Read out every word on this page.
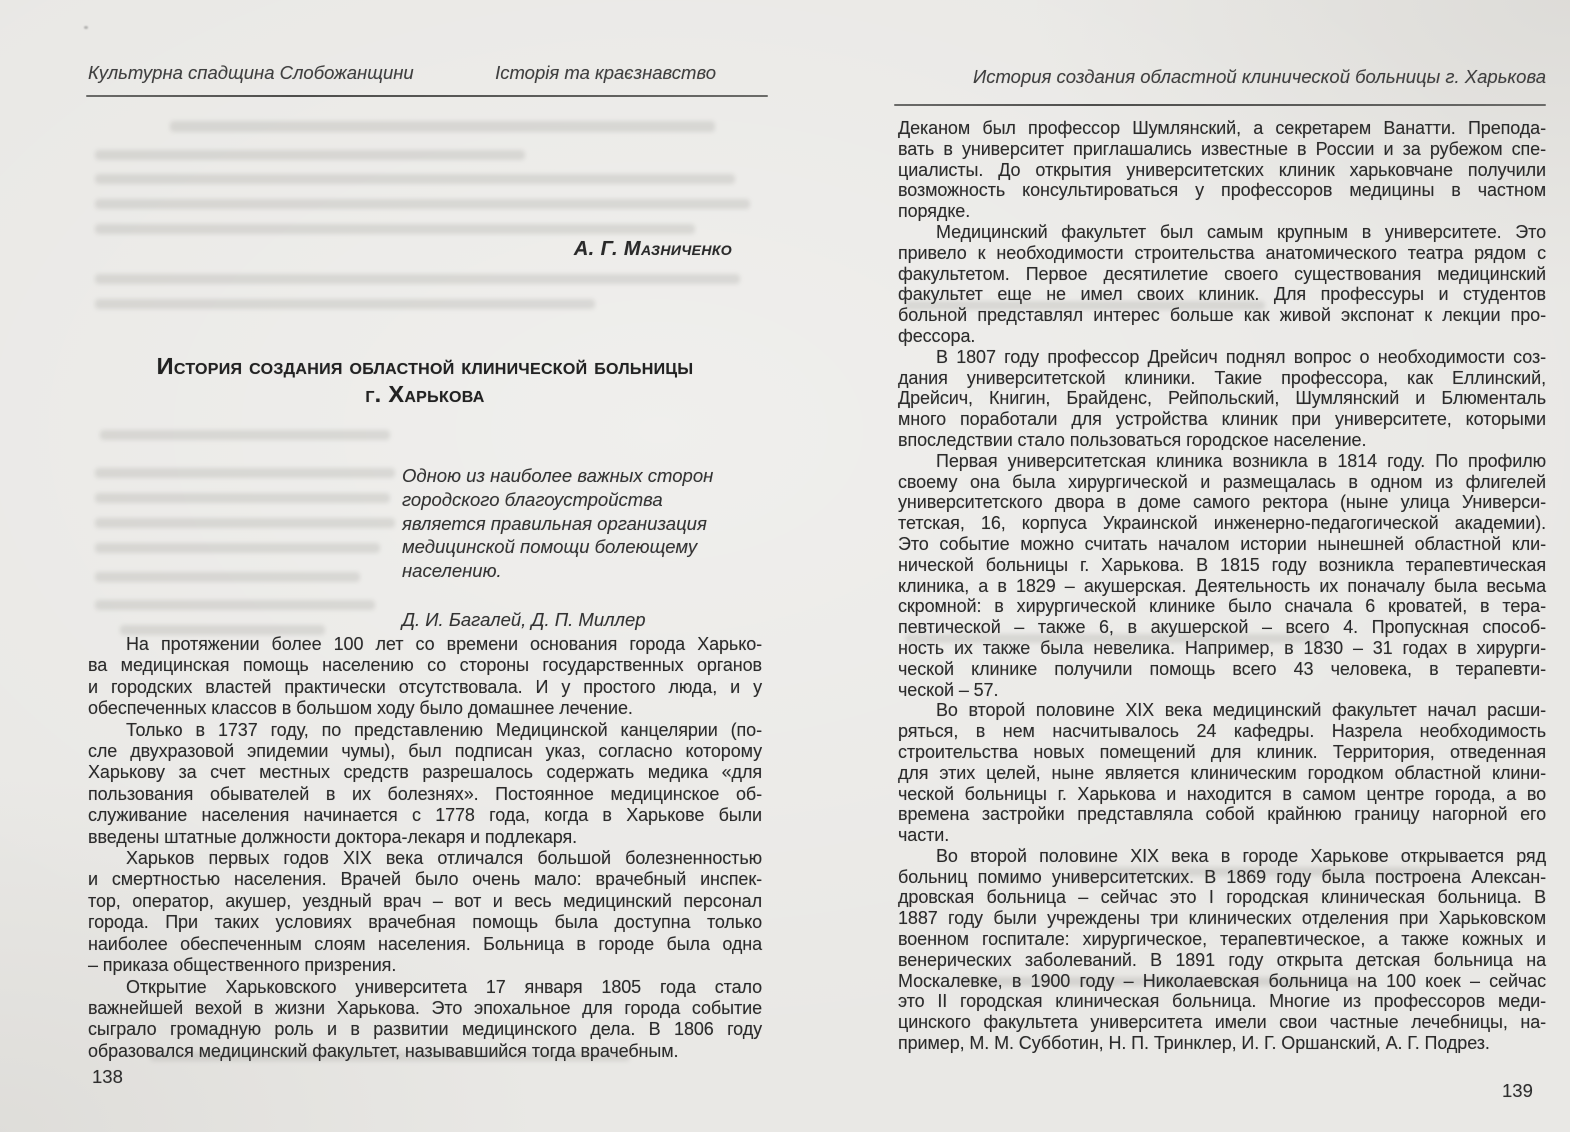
Культурна спадщина Слобожанщини	Історія та краєзнавство
А. Г. Мазниченко
История создания областной клинической больницы
г. Харькова
Одною из наиболее важных сторон
городского благоустройства
является правильная организация
медицинской помощи болеющему
населению.
Д. И. Багалей, Д. П. Миллер
На протяжении более 100 лет со времени основания города Харько-
ва медицинская помощь населению со стороны государственных органов
и городских властей практически отсутствовала. И у простого люда, и у
обеспеченных классов в большом ходу было домашнее лечение.
Только в 1737 году, по представлению Медицинской канцелярии (по-
сле двухразовой эпидемии чумы), был подписан указ, согласно которому
Харькову за счет местных средств разрешалось содержать медика «для
пользования обывателей в их болезнях». Постоянное медицинское об-
служивание населения начинается с 1778 года, когда в Харькове были
введены штатные должности доктора-лекаря и подлекаря.
Харьков первых годов XIX века отличался большой болезненностью
и смертностью населения. Врачей было очень мало: врачебный инспек-
тор, оператор, акушер, уездный врач – вот и весь медицинский персонал
города. При таких условиях врачебная помощь была доступна только
наиболее обеспеченным слоям населения. Больница в городе была одна
– приказа общественного призрения.
Открытие Харьковского университета 17 января 1805 года стало
важнейшей вехой в жизни Харькова. Это эпохальное для города событие
сыграло громадную роль и в развитии медицинского дела. В 1806 году
образовался медицинский факультет, называвшийся тогда врачебным.
138
История создания областной клинической больницы г. Харькова
Деканом был профессор Шумлянский, а секретарем Ванатти. Препода-
вать в университет приглашались известные в России и за рубежом спе-
циалисты. До открытия университетских клиник харьковчане получили
возможность консультироваться у профессоров медицины в частном
порядке.
Медицинский факультет был самым крупным в университете. Это
привело к необходимости строительства анатомического театра рядом с
факультетом. Первое десятилетие своего существования медицинский
факультет еще не имел своих клиник. Для профессуры и студентов
больной представлял интерес больше как живой экспонат к лекции про-
фессора.
В 1807 году профессор Дрейсич поднял вопрос о необходимости соз-
дания университетской клиники. Такие профессора, как Еллинский,
Дрейсич, Книгин, Брайденс, Рейпольский, Шумлянский и Блюменталь
много поработали для устройства клиник при университете, которыми
впоследствии стало пользоваться городское население.
Первая университетская клиника возникла в 1814 году. По профилю
своему она была хирургической и размещалась в одном из флигелей
университетского двора в доме самого ректора (ныне улица Универси-
тетская, 16, корпуса Украинской инженерно-педагогической академии).
Это событие можно считать началом истории нынешней областной кли-
нической больницы г. Харькова. В 1815 году возникла терапевтическая
клиника, а в 1829 – акушерская. Деятельность их поначалу была весьма
скромной: в хирургической клинике было сначала 6 кроватей, в тера-
певтической – также 6, в акушерской – всего 4. Пропускная способ-
ность их также была невелика. Например, в 1830 – 31 годах в хирурги-
ческой клинике получили помощь всего 43 человека, в терапевти-
ческой – 57.
Во второй половине XIX века медицинский факультет начал расши-
ряться, в нем насчитывалось 24 кафедры. Назрела необходимость
строительства новых помещений для клиник. Территория, отведенная
для этих целей, ныне является клиническим городком областной клини-
ческой больницы г. Харькова и находится в самом центре города, а во
времена застройки представляла собой крайнюю границу нагорной его
части.
Во второй половине XIX века в городе Харькове открывается ряд
больниц помимо университетских. В 1869 году была построена Алексан-
дровская больница – сейчас это I городская клиническая больница. В
1887 году были учреждены три клинических отделения при Харьковском
военном госпитале: хирургическое, терапевтическое, а также кожных и
венерических заболеваний. В 1891 году открыта детская больница на
Москалевке, в 1900 году – Николаевская больница на 100 коек – сейчас
это II городская клиническая больница. Многие из профессоров меди-
цинского факультета университета имели свои частные лечебницы, на-
пример, М. М. Субботин, Н. П. Тринклер, И. Г. Оршанский, А. Г. Подрез.
139
